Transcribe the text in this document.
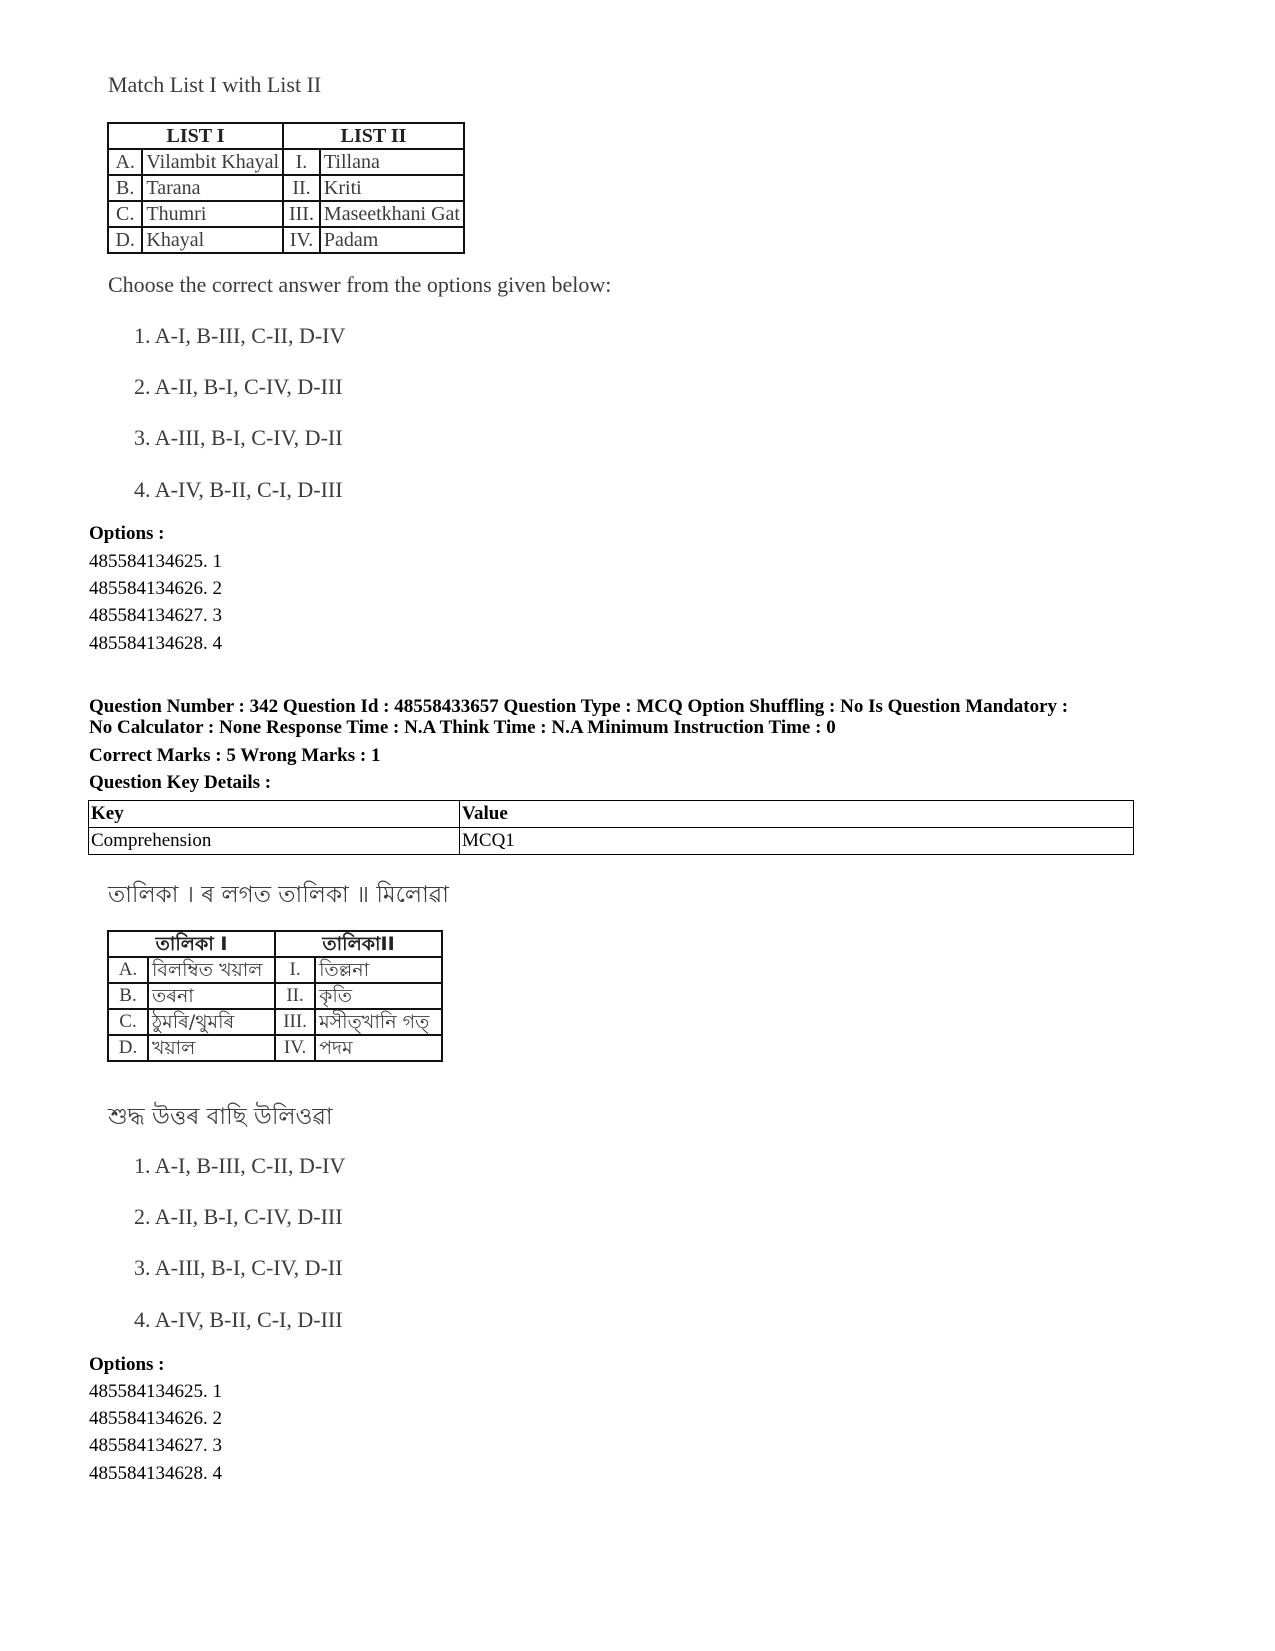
Match List I with List II
LIST I		LIST II	
A.	Vilambit Khayal	I.	Tillana
B.	Tarana	II.	Kriti
C.	Thumri	III.	Maseetkhani Gat
D.	Khayal	IV.	Padam
Choose the correct answer from the options given below:
1. A-I, B-III, C-II, D-IV
2. A-II, B-I, C-IV, D-III
3. A-III, B-I, C-IV, D-II
4. A-IV, B-II, C-I, D-III
Options :
485584134625. 1
485584134626. 2
485584134627. 3
485584134628. 4
Question Number : 342 Question Id : 48558433657 Question Type : MCQ Option Shuffling : No Is Question Mandatory :
No Calculator : None Response Time : N.A Think Time : N.A Minimum Instruction Time : 0
Correct Marks : 5 Wrong Marks : 1
Question Key Details :
Key	Value
Comprehension	MCQ1
তালিকা । ৰ লগত তালিকা ॥ মিলোৱা
তালিকা I		তালিকাII	
A.	বিলম্বিত খয়াল	I.	তিল্লনা
B.	তৰনা	II.	কৃতি
C.	ঠুমৰি/থুমৰি	III.	মসীত্‌খানি গত্‌
D.	খয়াল	IV.	পদম
শুদ্ধ উত্তৰ বাছি উলিওৱা
1. A-I, B-III, C-II, D-IV
2. A-II, B-I, C-IV, D-III
3. A-III, B-I, C-IV, D-II
4. A-IV, B-II, C-I, D-III
Options :
485584134625. 1
485584134626. 2
485584134627. 3
485584134628. 4
